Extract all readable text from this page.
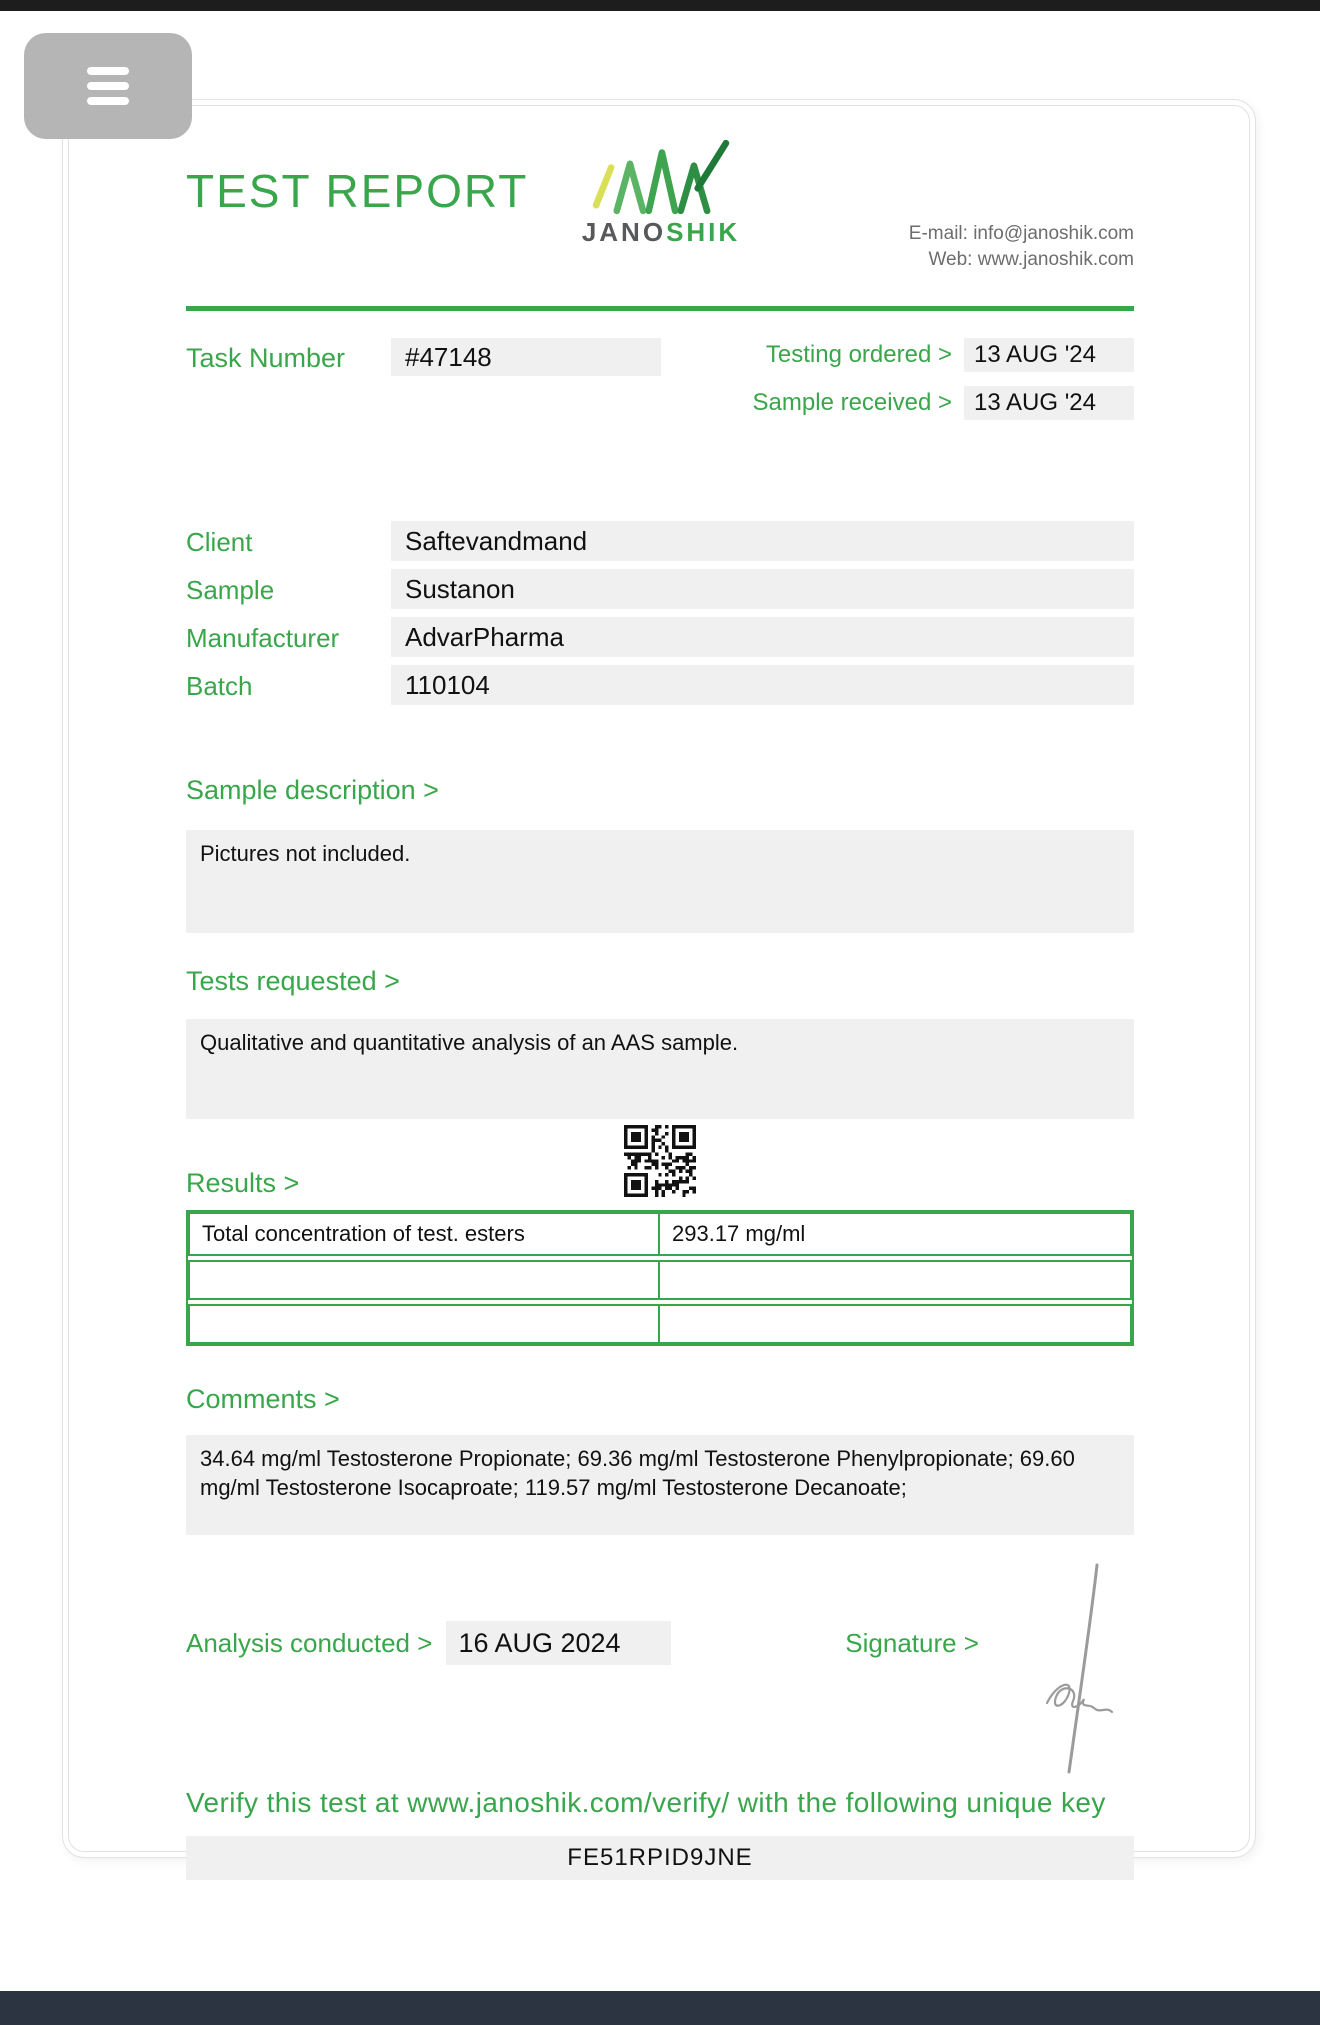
TEST REPORT
JANOSHIK	E-mail: info@janoshik.com
Web: www.janoshik.com
Task Number	#47148	Testing ordered > 13 AUG '24
Sample received > 13 AUG '24
Client	Saftevandmand
Sample	Sustanon
Manufacturer	AdvarPharma
Batch	110104
Sample description >
Pictures not included.
Tests requested >
Qualitative and quantitative analysis of an AAS sample.
Results >
Total concentration of test. esters	293.17 mg/ml
Comments >
34.64 mg/ml Testosterone Propionate; 69.36 mg/ml Testosterone Phenylpropionate; 69.60 mg/ml Testosterone Isocaproate; 119.57 mg/ml Testosterone Decanoate;
Analysis conducted > 16 AUG 2024	Signature >
Verify this test at www.janoshik.com/verify/ with the following unique key
FE51RPID9JNE
